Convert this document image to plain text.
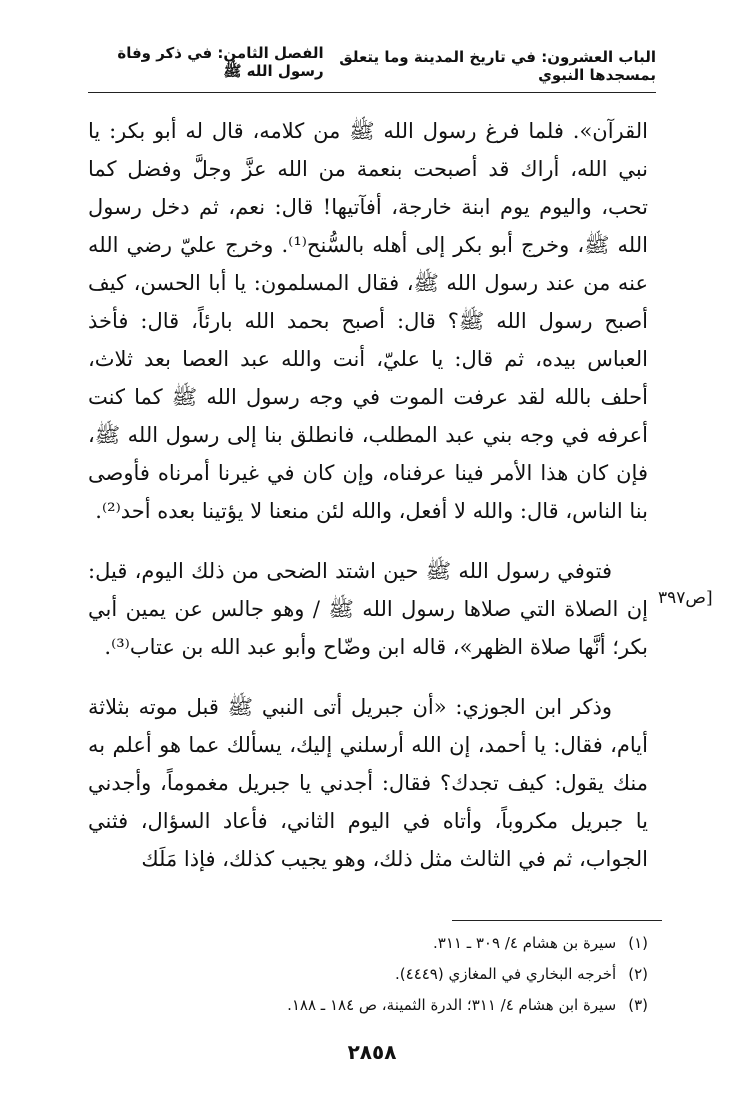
الباب العشرون: في تاريخ المدينة وما يتعلق بمسجدها النبوي
الفصل الثامن: في ذكر وفاة رسول الله ﷺ

القرآن». فلما فرغ رسول الله ﷺ من كلامه، قال له أبو بكر: يا نبي الله، أراك قد أصبحت بنعمة من الله عزَّ وجلَّ وفضل كما تحب، واليوم يوم ابنة خارجة، أفآتيها! قال: نعم، ثم دخل رسول الله ﷺ، وخرج أبو بكر إلى أهله بالسُّنح⁽¹⁾. وخرج عليّ رضي الله عنه من عند رسول الله ﷺ، فقال المسلمون: يا أبا الحسن، كيف أصبح رسول الله ﷺ؟ قال: أصبح بحمد الله بارئاً، قال: فأخذ العباس بيده، ثم قال: يا عليّ، أنت والله عبد العصا بعد ثلاث، أحلف بالله لقد عرفت الموت في وجه رسول الله ﷺ كما كنت أعرفه في وجه بني عبد المطلب، فانطلق بنا إلى رسول الله ﷺ، فإن كان هذا الأمر فينا عرفناه، وإن كان في غيرنا أمرناه فأوصى بنا الناس، قال: والله لا أفعل، والله لئن منعنا لا يؤتينا بعده أحد⁽²⁾.

فتوفي رسول الله ﷺ حين اشتد الضحى من ذلك اليوم، قيل: إن الصلاة التي صلاها رسول الله ﷺ / وهو جالس عن يمين أبي بكر؛ أنَّها صلاة الظهر»، قاله ابن وضّاح وأبو عبد الله بن عتاب⁽³⁾.

وذكر ابن الجوزي: «أن جبريل أتى النبي ﷺ قبل موته بثلاثة أيام، فقال: يا أحمد، إن الله أرسلني إليك، يسألك عما هو أعلم به منك يقول: كيف تجدك؟ فقال: أجدني يا جبريل مغموماً، وأجدني يا جبريل مكروباً، وأتاه في اليوم الثاني، فأعاد السؤال، فثني الجواب، ثم في الثالث مثل ذلك، وهو يجيب كذلك، فإذا مَلَك

[ص٣٩٧

(١)
سيرة بن هشام ٤/ ٣٠٩ ـ ٣١١.

(٢)
أخرجه البخاري في المغازي (٤٤٤٩).

(٣)
سيرة ابن هشام ٤/ ٣١١؛ الدرة الثمينة، ص ١٨٤ ـ ١٨٨.

٢٨٥٨
